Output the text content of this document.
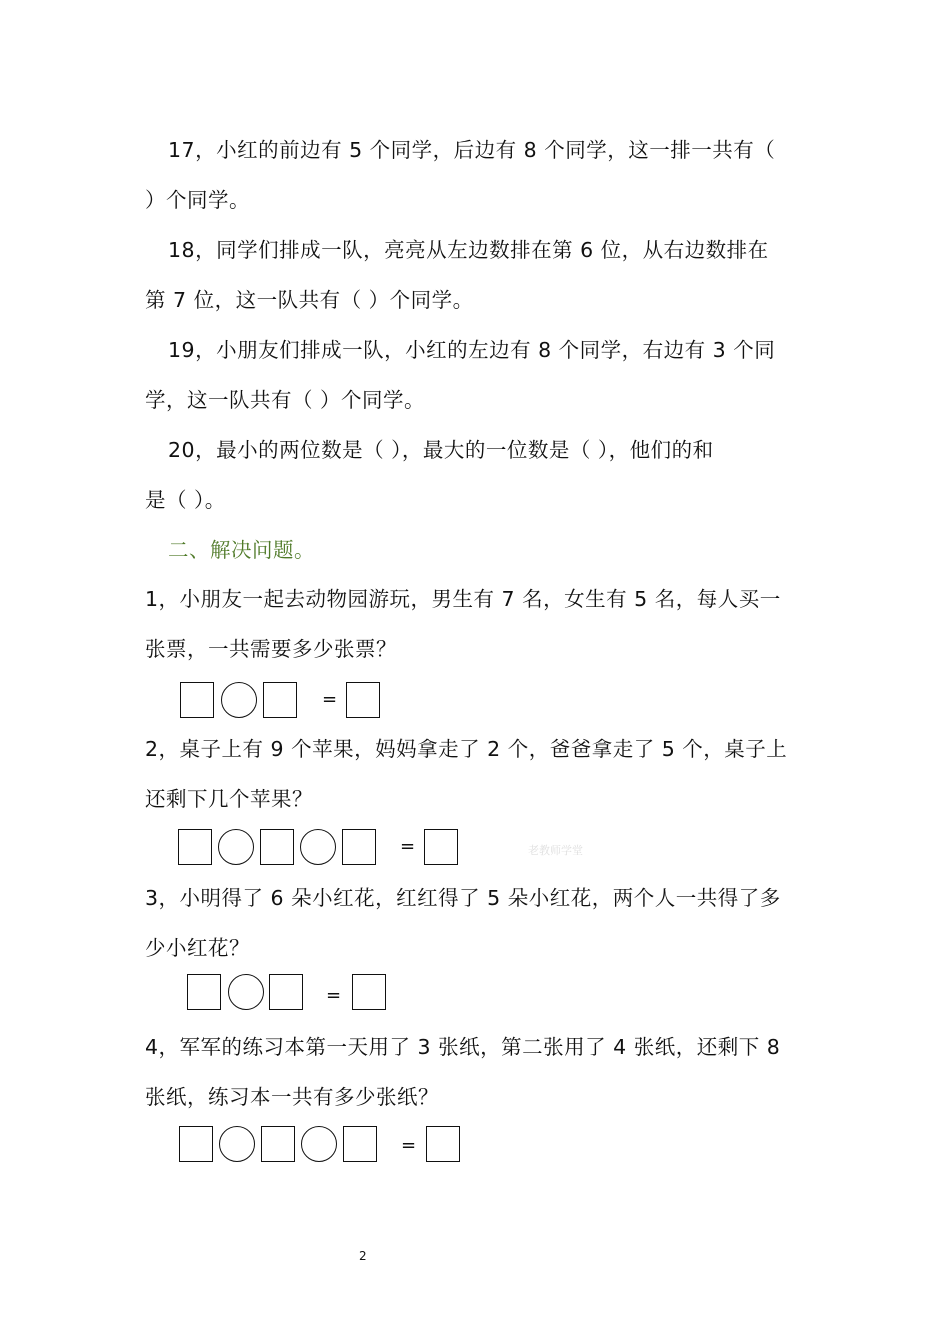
17，小红的前边有 5 个同学，后边有 8 个同学，这一排一共有（
）个同学。
18，同学们排成一队，亮亮从左边数排在第 6 位，从右边数排在
第 7 位，这一队共有（ ）个同学。
19，小朋友们排成一队，小红的左边有 8 个同学，右边有 3 个同
学，这一队共有（ ）个同学。
20，最小的两位数是（ ），最大的一位数是（ ），他们的和
是（ ）。
二、解决问题。
1，小朋友一起去动物园游玩，男生有 7 名，女生有 5 名，每人买一
张票，一共需要多少张票？
=
2，桌子上有 9 个苹果，妈妈拿走了 2 个，爸爸拿走了 5 个，桌子上
还剩下几个苹果？
=	老教师学堂
3，小明得了 6 朵小红花，红红得了 5 朵小红花，两个人一共得了多
少小红花？
=
4，军军的练习本第一天用了 3 张纸，第二张用了 4 张纸，还剩下 8
张纸，练习本一共有多少张纸？
=
2
